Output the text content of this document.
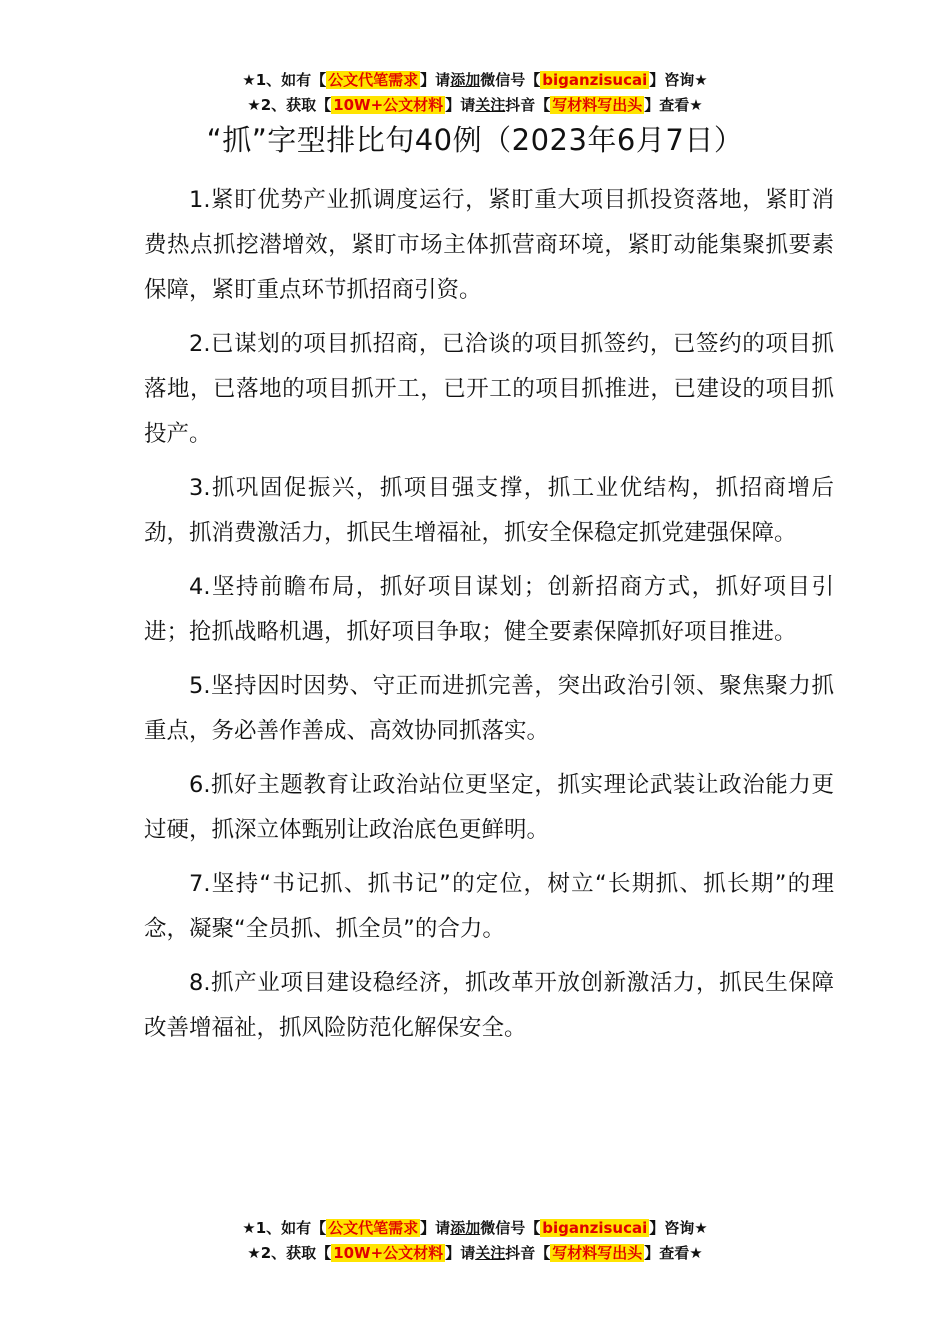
★1、如有【 公文代笔需求 】请添加微信号【 biganzisucai 】咨询★
★2、获取【 10W+公文材料 】请关注抖音【 写材料写出头 】查看★
“抓”字型排比句40例（2023年6月7日）

1.紧盯优势产业抓调度运行，紧盯重大项目抓投资落地，紧盯消费热点抓挖潜增效，紧盯市场主体抓营商环境，紧盯动能集聚抓要素保障，紧盯重点环节抓招商引资。

2.已谋划的项目抓招商，已洽谈的项目抓签约，已签约的项目抓落地，已落地的项目抓开工，已开工的项目抓推进，已建设的项目抓投产。

3.抓巩固促振兴，抓项目强支撑，抓工业优结构，抓招商增后劲，抓消费激活力，抓民生增福祉，抓安全保稳定抓党建强保障。

4.坚持前瞻布局，抓好项目谋划；创新招商方式，抓好项目引进；抢抓战略机遇，抓好项目争取；健全要素保障抓好项目推进。

5.坚持因时因势、守正而进抓完善，突出政治引领、聚焦聚力抓重点，务必善作善成、高效协同抓落实。

6.抓好主题教育让政治站位更坚定，抓实理论武装让政治能力更过硬，抓深立体甄别让政治底色更鲜明。

7.坚持“书记抓、抓书记”的定位，树立“长期抓、抓长期”的理念，凝聚“全员抓、抓全员”的合力。

8.抓产业项目建设稳经济，抓改革开放创新激活力，抓民生保障改善增福祉，抓风险防范化解保安全。

★1、如有【 公文代笔需求 】请添加微信号【 biganzisucai 】咨询★
★2、获取【 10W+公文材料 】请关注抖音【 写材料写出头 】查看★
